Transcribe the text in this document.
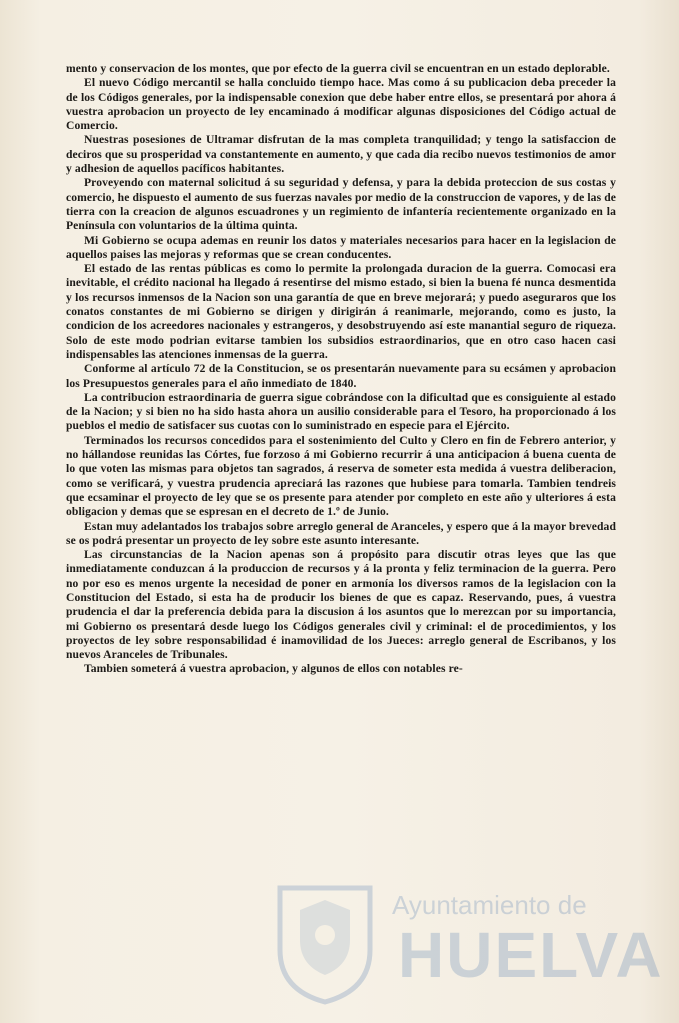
mento y conservacion de los montes, que por efecto de la guerra civil se encuentran en un estado deplorable.

El nuevo Código mercantil se halla concluido tiempo hace. Mas como á su publicacion deba preceder la de los Códigos generales, por la indispensable conexion que debe haber entre ellos, se presentará por ahora á vuestra aprobacion un proyecto de ley encaminado á modificar algunas disposiciones del Código actual de Comercio.

Nuestras posesiones de Ultramar disfrutan de la mas completa tranquilidad; y tengo la satisfaccion de deciros que su prosperidad va constantemente en aumento, y que cada dia recibo nuevos testimonios de amor y adhesion de aquellos pacíficos habitantes.

Proveyendo con maternal solicitud á su seguridad y defensa, y para la debida proteccion de sus costas y comercio, he dispuesto el aumento de sus fuerzas navales por medio de la construccion de vapores, y de las de tierra con la creacion de algunos escuadrones y un regimiento de infantería recientemente organizado en la Península con voluntarios de la última quinta.

Mi Gobierno se ocupa ademas en reunir los datos y materiales necesarios para hacer en la legislacion de aquellos paises las mejoras y reformas que se crean conducentes.

El estado de las rentas públicas es como lo permite la prolongada duracion de la guerra. Comocasi era inevitable, el crédito nacional ha llegado á resentirse del mismo estado, si bien la buena fé nunca desmentida y los recursos inmensos de la Nacion son una garantía de que en breve mejorará; y puedo aseguraros que los conatos constantes de mi Gobierno se dirigen y dirigirán á reanimarle, mejorando, como es justo, la condicion de los acreedores nacionales y estrangeros, y desobstruyendo así este manantial seguro de riqueza. Solo de este modo podrian evitarse tambien los subsidios estraordinarios, que en otro caso hacen casi indispensables las atenciones inmensas de la guerra.

Conforme al artículo 72 de la Constitucion, se os presentarán nuevamente para su ecsámen y aprobacion los Presupuestos generales para el año inmediato de 1840.

La contribucion estraordinaria de guerra sigue cobrándose con la dificultad que es consiguiente al estado de la Nacion; y si bien no ha sido hasta ahora un ausilio considerable para el Tesoro, ha proporcionado á los pueblos el medio de satisfacer sus cuotas con lo suministrado en especie para el Ejército.

Terminados los recursos concedidos para el sostenimiento del Culto y Clero en fin de Febrero anterior, y no hállandose reunidas las Córtes, fue forzoso á mi Gobierno recurrir á una anticipacion á buena cuenta de lo que voten las mismas para objetos tan sagrados, á reserva de someter esta medida á vuestra deliberacion, como se verificará, y vuestra prudencia apreciará las razones que hubiese para tomarla. Tambien tendreis que ecsaminar el proyecto de ley que se os presente para atender por completo en este año y ulteriores á esta obligacion y demas que se espresan en el decreto de 1.º de Junio.

Estan muy adelantados los trabajos sobre arreglo general de Aranceles, y espero que á la mayor brevedad se os podrá presentar un proyecto de ley sobre este asunto interesante.

Las circunstancias de la Nacion apenas son á propósito para discutir otras leyes que las que inmediatamente conduzcan á la produccion de recursos y á la pronta y feliz terminacion de la guerra. Pero no por eso es menos urgente la necesidad de poner en armonía los diversos ramos de la legislacion con la Constitucion del Estado, si esta ha de producir los bienes de que es capaz. Reservando, pues, á vuestra prudencia el dar la preferencia debida para la discusion á los asuntos que lo merezcan por su importancia, mi Gobierno os presentará desde luego los Códigos generales civil y criminal: el de procedimientos, y los proyectos de ley sobre responsabilidad é inamovilidad de los Jueces: arreglo general de Escribanos, y los nuevos Aranceles de Tribunales.

Tambien someterá á vuestra aprobacion, y algunos de ellos con notables re-

Ayuntamiento de
HUELVA
